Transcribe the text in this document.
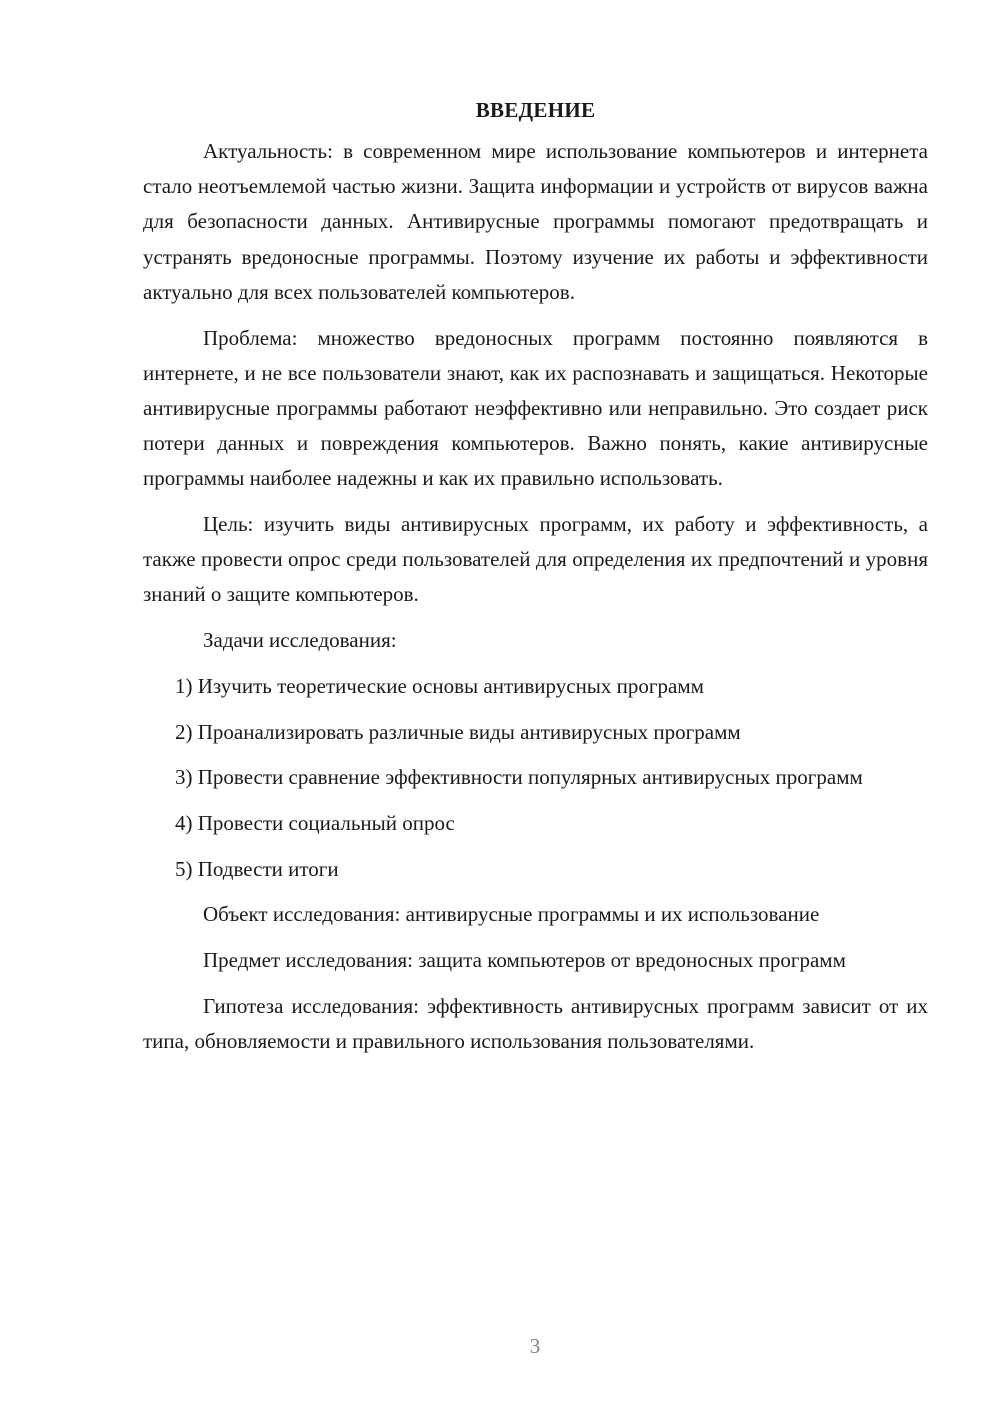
ВВЕДЕНИЕ

Актуальность: в современном мире использование компьютеров и интернета стало неотъемлемой частью жизни. Защита информации и устройств от вирусов важна для безопасности данных. Антивирусные программы помогают предотвращать и устранять вредоносные программы. Поэтому изучение их работы и эффективности актуально для всех пользователей компьютеров.

Проблема: множество вредоносных программ постоянно появляются в интернете, и не все пользователи знают, как их распознавать и защищаться. Некоторые антивирусные программы работают неэффективно или неправильно. Это создает риск потери данных и повреждения компьютеров. Важно понять, какие антивирусные программы наиболее надежны и как их правильно использовать.

Цель: изучить виды антивирусных программ, их работу и эффективность, а также провести опрос среди пользователей для определения их предпочтений и уровня знаний о защите компьютеров.

Задачи исследования:

1) Изучить теоретические основы антивирусных программ

2) Проанализировать различные виды антивирусных программ

3) Провести сравнение эффективности популярных антивирусных программ

4) Провести социальный опрос

5) Подвести итоги

Объект исследования: антивирусные программы и их использование

Предмет исследования: защита компьютеров от вредоносных программ

Гипотеза исследования: эффективность антивирусных программ зависит от их типа, обновляемости и правильного использования пользователями.

3
